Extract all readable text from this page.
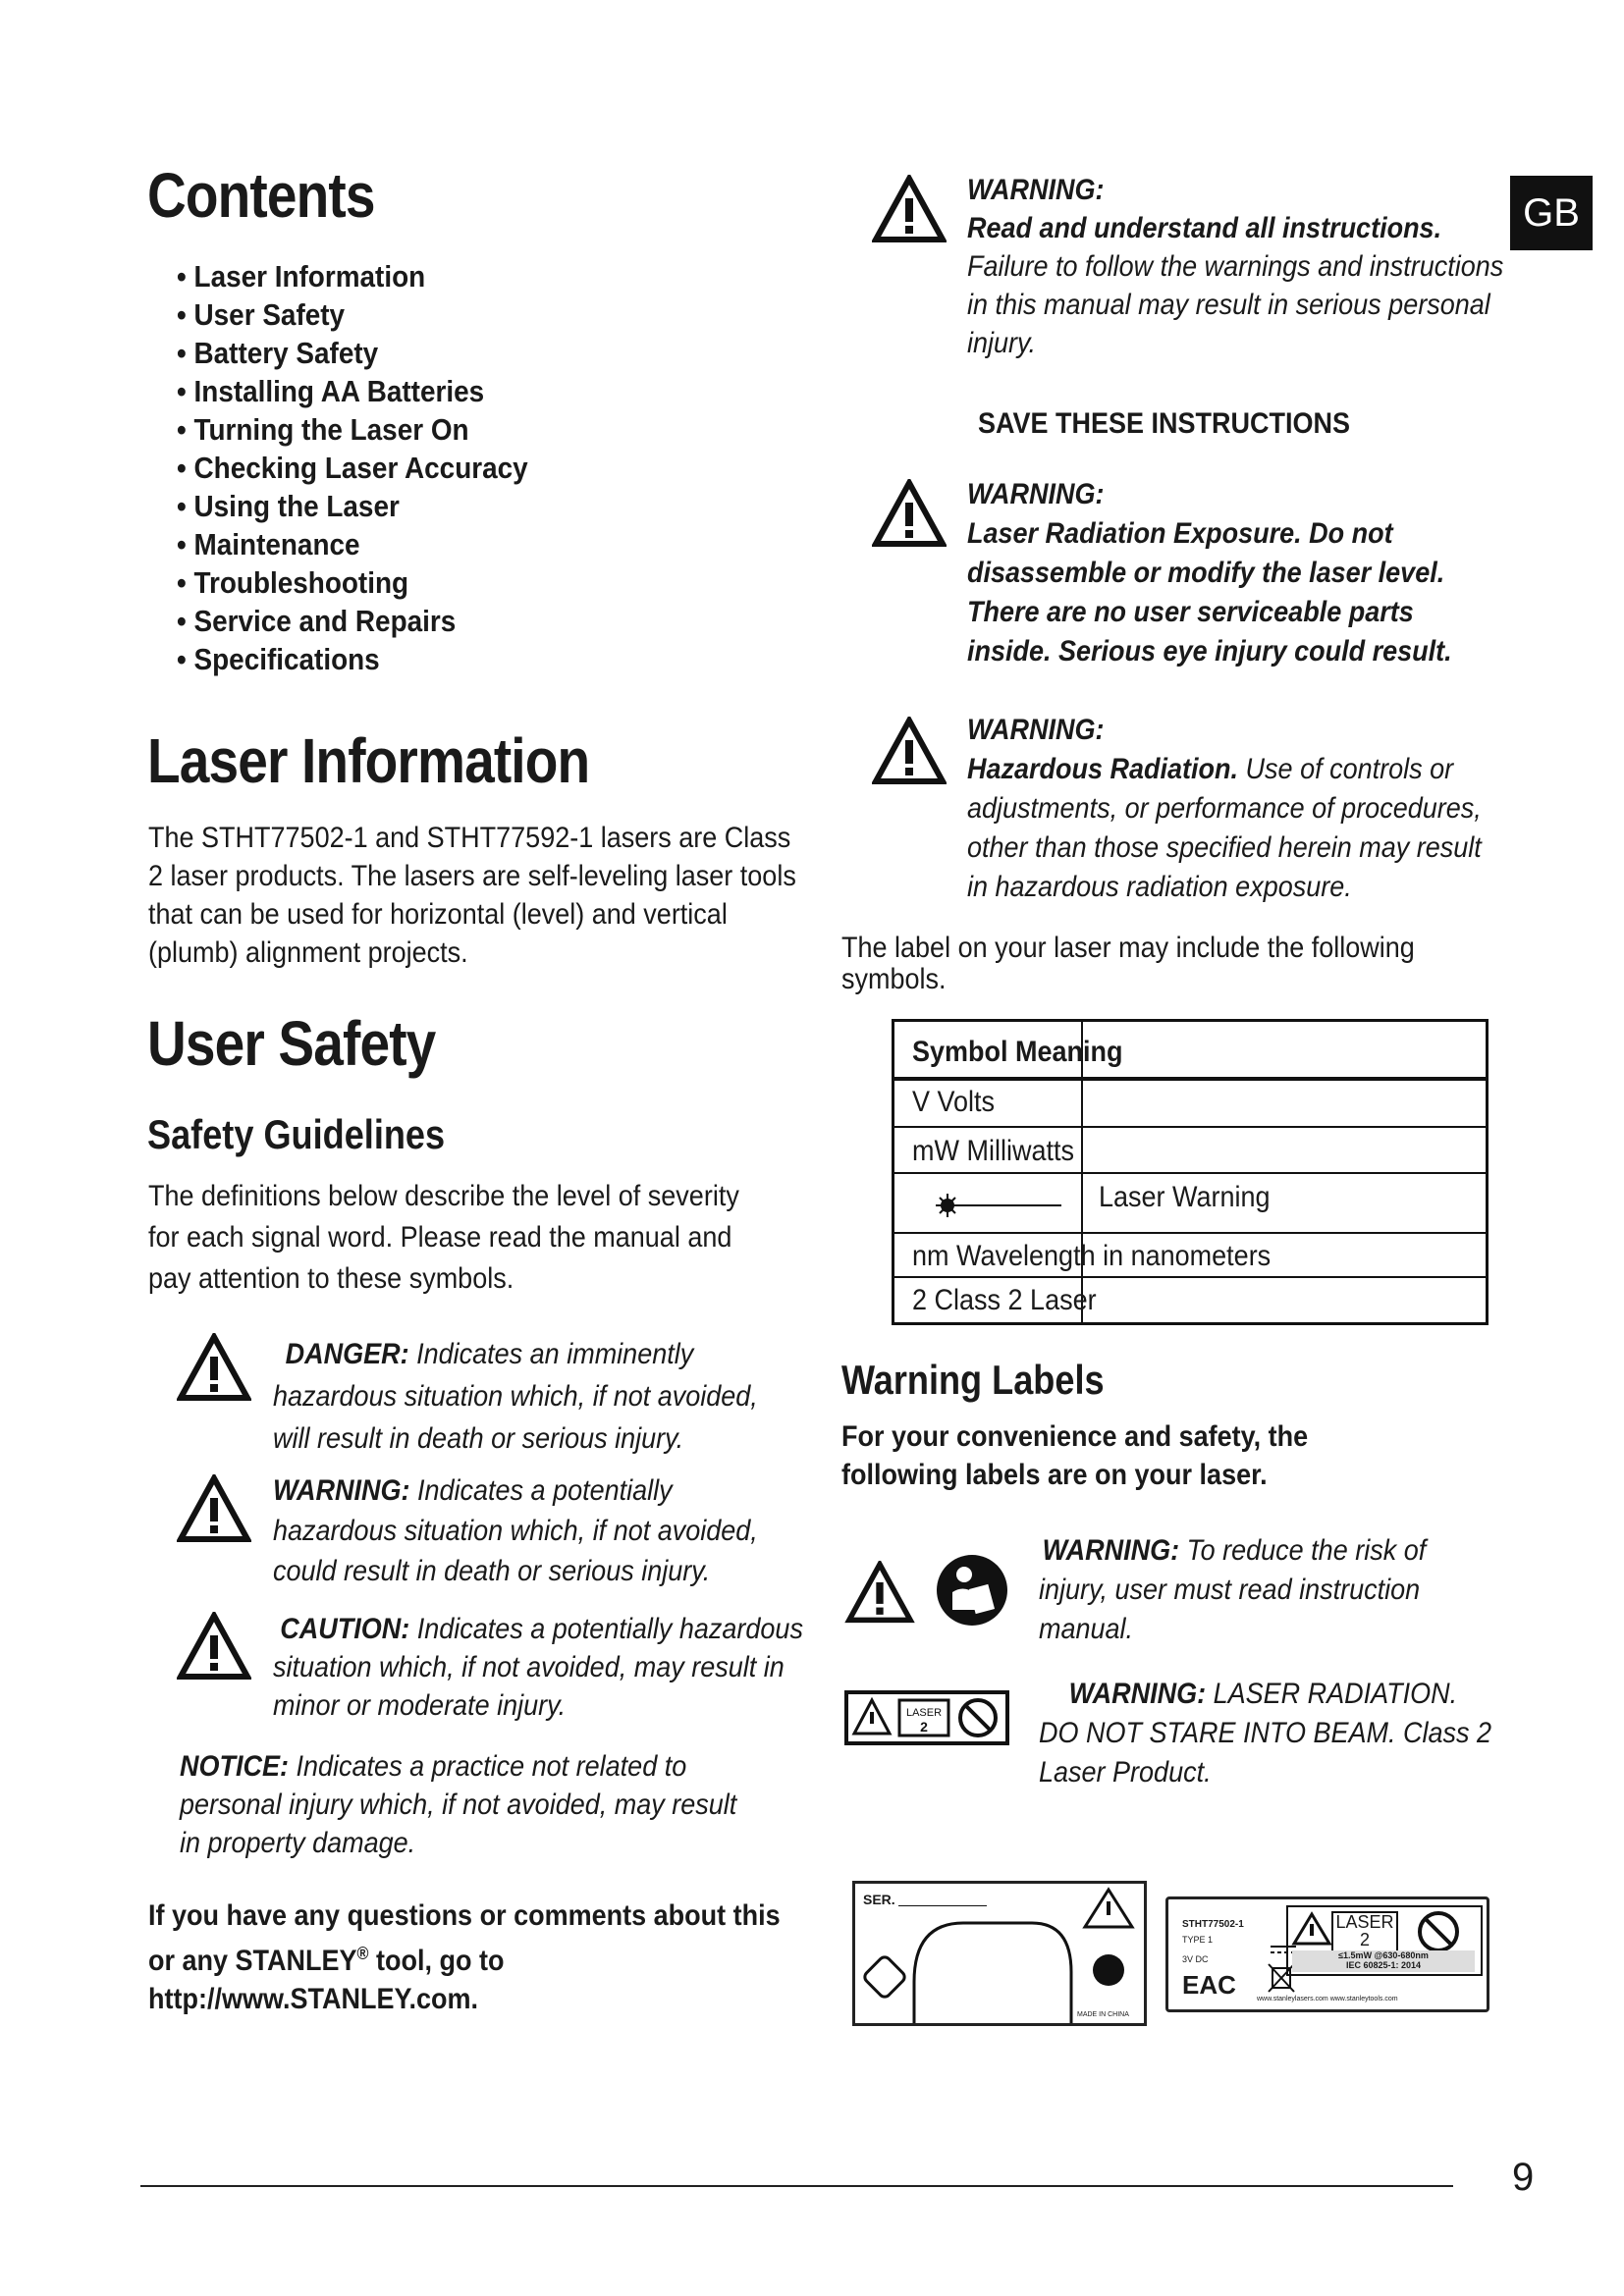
GB
Contents
• Laser Information
• User Safety
• Battery Safety
• Installing AA Batteries
• Turning the Laser On
• Checking Laser Accuracy
• Using the Laser
• Maintenance
• Troubleshooting
• Service and Repairs
• Specifications
Laser Information
The STHT77502-1 and STHT77592-1 lasers are Class 2 laser products. The lasers are self-leveling laser tools that can be used for horizontal (level) and vertical (plumb) alignment projects.
User Safety
Safety Guidelines
The definitions below describe the level of severity for each signal word. Please read the manual and pay attention to these symbols.
DANGER: Indicates an imminently hazardous situation which, if not avoided, will result in death or serious injury.
WARNING: Indicates a potentially hazardous situation which, if not avoided, could result in death or serious injury.
CAUTION: Indicates a potentially hazardous situation which, if not avoided, may result in minor or moderate injury.
NOTICE: Indicates a practice not related to personal injury which, if not avoided, may result in property damage.
If you have any questions or comments about this or any STANLEY® tool, go to http://www.STANLEY.com.
WARNING:
Read and understand all instructions.
Failure to follow the warnings and instructions in this manual may result in serious personal injury.
SAVE THESE INSTRUCTIONS
WARNING:
Laser Radiation Exposure. Do not disassemble or modify the laser level. There are no user serviceable parts inside. Serious eye injury could result.
WARNING:
Hazardous Radiation. Use of controls or adjustments, or performance of procedures, other than those specified herein may result in hazardous radiation exposure.
The label on your laser may include the following symbols.
Symbol Meaning
V Volts
mW Milliwatts
Laser Warning
nm Wavelength in nanometers
2 Class 2 Laser
Warning Labels
For your convenience and safety, the following labels are on your laser.
WARNING: To reduce the risk of injury, user must read instruction manual.
LASER
2
WARNING: LASER RADIATION. DO NOT STARE INTO BEAM. Class 2 Laser Product.
SER.
MADE IN CHINA
STHT77502-1
TYPE 1
3V DC
EAC
LASER
2
≤1.5mW @630-680nm
IEC 60825-1: 2014
www.stanleylasers.com www.stanleytools.com
9
